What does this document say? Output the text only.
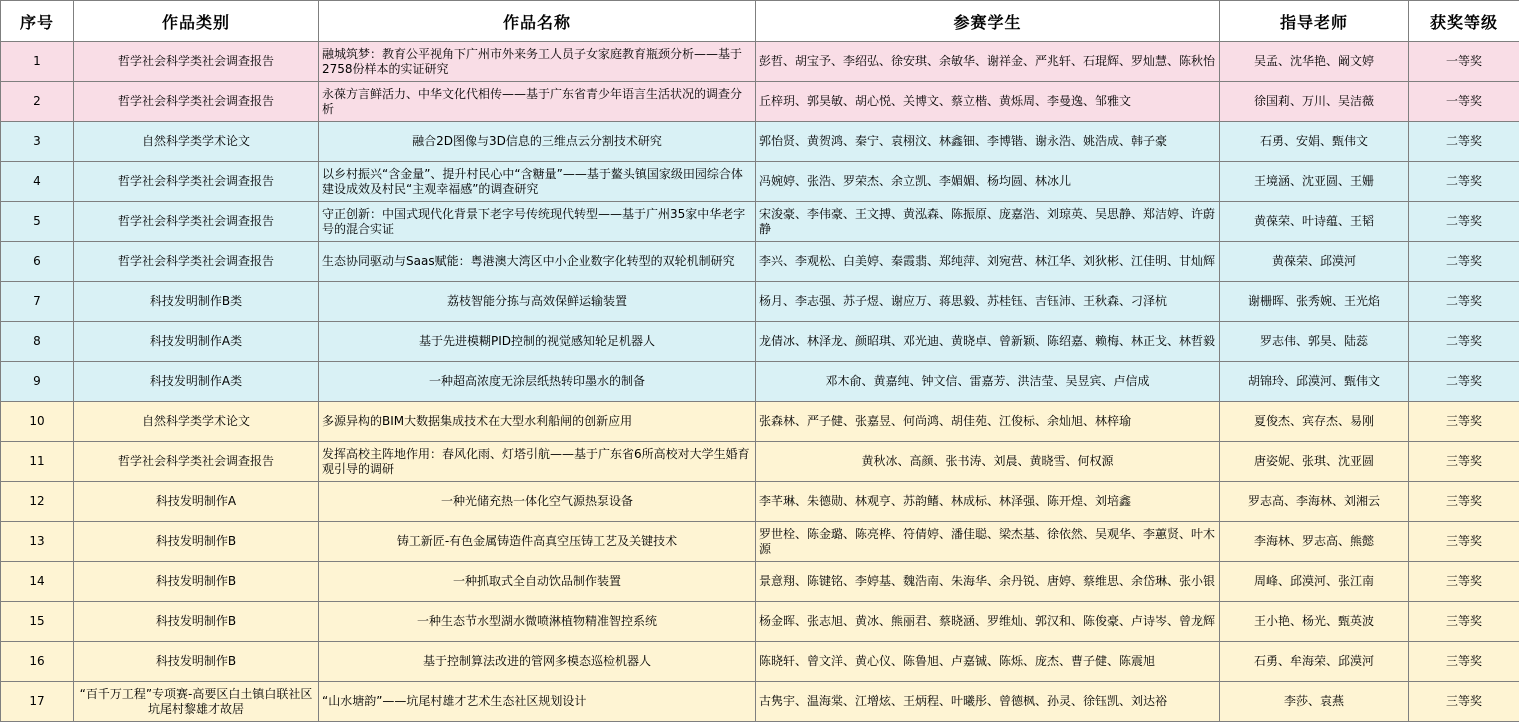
序号	作品类别	作品名称	参赛学生	指导老师	获奖等级
1	哲学社会科学类社会调查报告	融城筑梦：教育公平视角下广州市外来务工人员子女家庭教育瓶颈分析——基于2758份样本的实证研究	彭哲、胡宝予、李绍弘、徐安琪、余敏华、谢祥金、严兆轩、石琨辉、罗灿慧、陈秋怡	吴孟、沈华艳、阚文婷	一等奖
2	哲学社会科学类社会调查报告	永葆方言鲜活力、中华文化代相传——基于广东省青少年语言生活状况的调查分析	丘梓玥、郭昊敏、胡心悦、关博文、蔡立楷、黄烁周、李曼逸、邹雅文	徐国莉、万川、吴洁薇	一等奖
3	自然科学类学术论文	融合2D图像与3D信息的三维点云分割技术研究	郭怡贤、黄贺鸿、秦宁、袁栩汶、林鑫钿、李博锴、谢永浩、姚浩成、韩子豪	石勇、安娟、甄伟文	二等奖
4	哲学社会科学类社会调查报告	以乡村振兴“含金量”、提升村民心中“含糖量”——基于鳌头镇国家级田园综合体建设成效及村民“主观幸福感”的调查研究	冯婉婷、张浩、罗荣杰、余立凯、李媚媚、杨均圆、林冰儿	王境涵、沈亚圆、王姗	二等奖
5	哲学社会科学类社会调查报告	守正创新：中国式现代化背景下老字号传统现代转型——基于广州35家中华老字号的混合实证	宋浚豪、李伟豪、王文搏、黄泓森、陈振原、庞嘉浩、刘琼英、吴思静、郑洁婷、许蔚静	黄葆荣、叶诗蕴、王韬	二等奖
6	哲学社会科学类社会调查报告	生态协同驱动与Saas赋能：粤港澳大湾区中小企业数字化转型的双轮机制研究	李兴、李观松、白美婷、秦霞翡、郑纯萍、刘宛营、林江华、刘狄彬、江佳明、甘灿辉	黄葆荣、邱漠河	二等奖
7	科技发明制作B类	荔枝智能分拣与高效保鲜运输装置	杨月、李志强、苏子煜、谢应万、蒋思毅、苏桂钰、吉钰沛、王秋森、刁泽杭	谢栅晖、张秀婉、王光焰	二等奖
8	科技发明制作A类	基于先进模糊PID控制的视觉感知轮足机器人	龙倩冰、林泽龙、颜昭琪、邓光迪、黄晓卓、曾新颖、陈绍嘉、赖梅、林正戈、林哲毅	罗志伟、郭昊、陆蕊	二等奖
9	科技发明制作A类	一种超高浓度无涂层纸热转印墨水的制备	邓木俞、黄嘉纯、钟文信、雷嘉芳、洪洁莹、吴昱宾、卢信成	胡锦玲、邱漠河、甄伟文	二等奖
10	自然科学类学术论文	多源异构的BIM大数据集成技术在大型水利船闸的创新应用	张森林、严子健、张嘉昱、何尚鸿、胡佳苑、江俊标、余灿旭、林梓瑜	夏俊杰、宾存杰、易刚	三等奖
11	哲学社会科学类社会调查报告	发挥高校主阵地作用：春风化雨、灯塔引航——基于广东省6所高校对大学生婚育观引导的调研	黄秋冰、高颜、张书涛、刘晨、黄晓雪、何权源	唐姿妮、张琪、沈亚圆	三等奖
12	科技发明制作A	一种光储充热一体化空气源热泵设备	李芊琳、朱德勋、林观亨、苏韵鳍、林成标、林泽强、陈开煌、刘培鑫	罗志高、李海林、刘湘云	三等奖
13	科技发明制作B	铸工新匠-有色金属铸造件高真空压铸工艺及关键技术	罗世栓、陈金璐、陈亮桦、符倩婷、潘佳聪、梁杰基、徐依然、吴观华、李蕙贤、叶木源	李海林、罗志高、熊懿	三等奖
14	科技发明制作B	一种抓取式全自动饮品制作装置	景意翔、陈键铭、李婷基、魏浩南、朱海华、余丹锐、唐婷、蔡维思、余岱琳、张小银	周峰、邱漠河、张江南	三等奖
15	科技发明制作B	一种生态节水型湖水微喷淋植物精准智控系统	杨金晖、张志旭、黄冰、熊丽君、蔡晓涵、罗维灿、郭汉和、陈俊豪、卢诗岑、曾龙辉	王小艳、杨光、甄英波	三等奖
16	科技发明制作B	基于控制算法改进的管网多模态巡检机器人	陈晓轩、曾文洋、黄心仪、陈鲁旭、卢嘉铖、陈烁、庞杰、曹子健、陈震旭	石勇、牟海荣、邱漠河	三等奖
17	“百千万工程”专项赛-高要区白土镇白联社区坑尾村黎雄才故居	“山水塘韵”——坑尾村雄才艺术生态社区规划设计	古隽宇、温海棠、江增炫、王炳程、叶曦彤、曾德枫、孙灵、徐钰凯、刘达裕	李莎、袁燕	三等奖
